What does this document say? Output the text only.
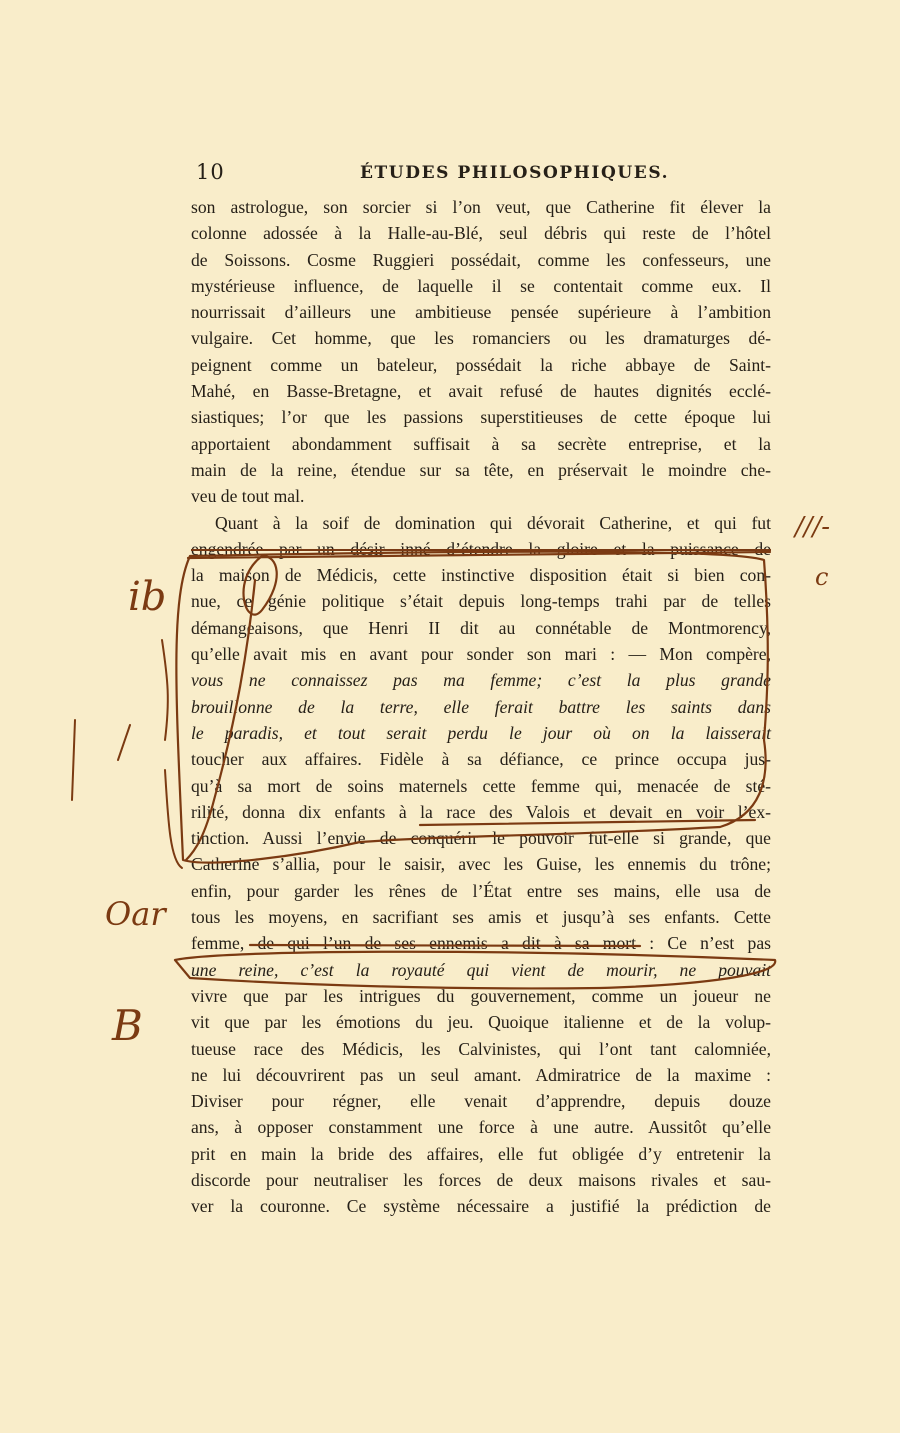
10	ÉTUDES PHILOSOPHIQUES.
son astrologue, son sorcier si l’on veut, que Catherine fit élever la
colonne adossée à la Halle-au-Blé, seul débris qui reste de l’hôtel
de Soissons. Cosme Ruggieri possédait, comme les confesseurs, une
mystérieuse influence, de laquelle il se contentait comme eux. Il
nourrissait d’ailleurs une ambitieuse pensée supérieure à l’ambition
vulgaire. Cet homme, que les romanciers ou les dramaturges dé-
peignent comme un bateleur, possédait la riche abbaye de Saint-
Mahé, en Basse-Bretagne, et avait refusé de hautes dignités ecclé-
siastiques; l’or que les passions superstitieuses de cette époque lui
apportaient abondamment suffisait à sa secrète entreprise, et la
main de la reine, étendue sur sa tête, en préservait le moindre che-
veu de tout mal.
Quant à la soif de domination qui dévorait Catherine, et qui fut
engendrée par un désir inné d’étendre la gloire et la puissance de
la maison de Médicis, cette instinctive disposition était si bien con-
nue, ce génie politique s’était depuis long-temps trahi par de telles
démangeaisons, que Henri II dit au connétable de Montmorency,
qu’elle avait mis en avant pour sonder son mari : — Mon compère,
vous ne connaissez pas ma femme; c’est la plus grande
brouillonne de la terre, elle ferait battre les saints dans
le paradis, et tout serait perdu le jour où on la laisserait
toucher aux affaires. Fidèle à sa défiance, ce prince occupa jus-
qu’à sa mort de soins maternels cette femme qui, menacée de sté-
rilité, donna dix enfants à la race des Valois et devait en voir l’ex-
tinction. Aussi l’envie de conquérir le pouvoir fut-elle si grande, que
Catherine s’allia, pour le saisir, avec les Guise, les ennemis du trône;
enfin, pour garder les rênes de l’État entre ses mains, elle usa de
tous les moyens, en sacrifiant ses amis et jusqu’à ses enfants. Cette
femme, de qui l’un de ses ennemis a dit à sa mort : Ce n’est pas
une reine, c’est la royauté qui vient de mourir, ne pouvait
vivre que par les intrigues du gouvernement, comme un joueur ne
vit que par les émotions du jeu. Quoique italienne et de la volup-
tueuse race des Médicis, les Calvinistes, qui l’ont tant calomniée,
ne lui découvrirent pas un seul amant. Admiratrice de la maxime :
Diviser pour régner, elle venait d’apprendre, depuis douze
ans, à opposer constamment une force à une autre. Aussitôt qu’elle
prit en main la bride des affaires, elle fut obligée d’y entretenir la
discorde pour neutraliser les forces de deux maisons rivales et sau-
ver la couronne. Ce système nécessaire a justifié la prédiction de
ib
Oar
B
///-
c
